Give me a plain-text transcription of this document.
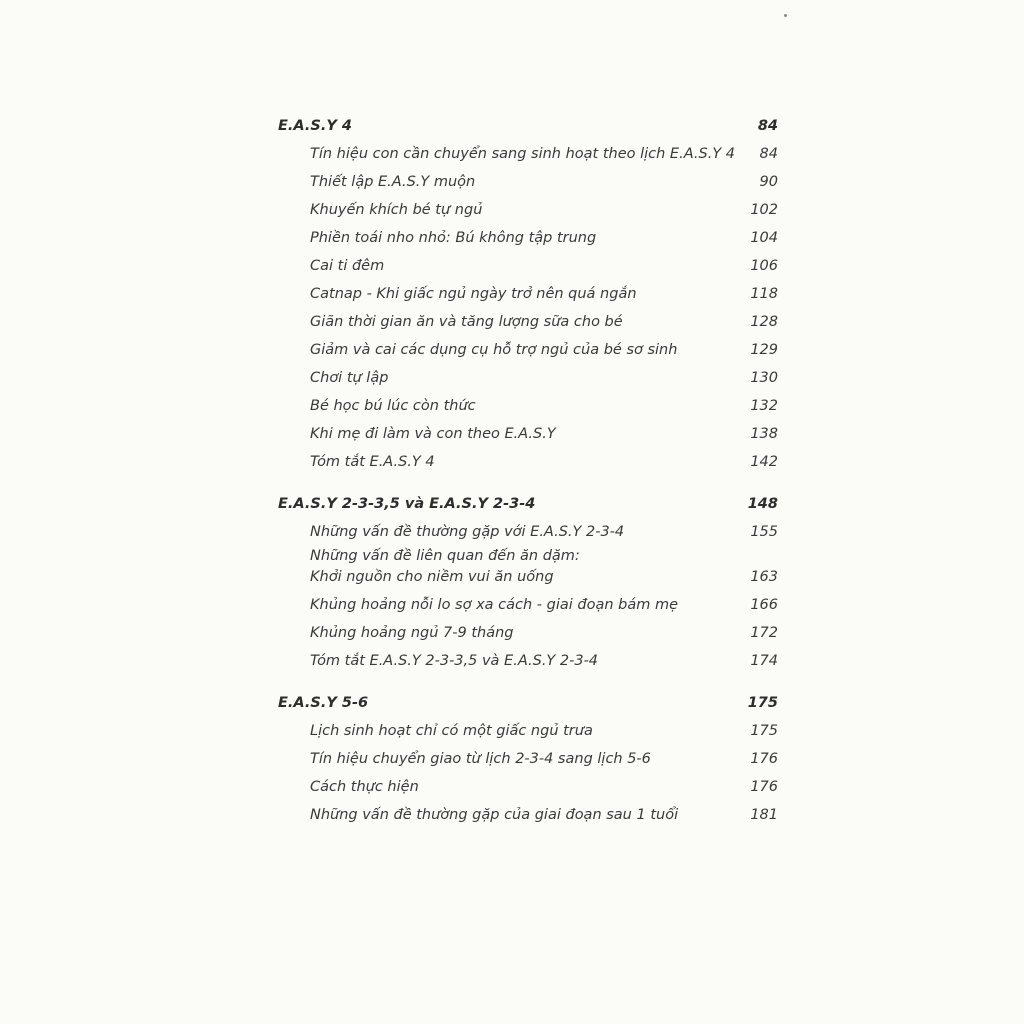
E.A.S.Y 4	84
Tín hiệu con cần chuyển sang sinh hoạt theo lịch E.A.S.Y 4	84
Thiết lập E.A.S.Y muộn	90
Khuyến khích bé tự ngủ	102
Phiền toái nho nhỏ: Bú không tập trung	104
Cai ti đêm	106
Catnap - Khi giấc ngủ ngày trở nên quá ngắn	118
Giãn thời gian ăn và tăng lượng sữa cho bé	128
Giảm và cai các dụng cụ hỗ trợ ngủ của bé sơ sinh	129
Chơi tự lập	130
Bé học bú lúc còn thức	132
Khi mẹ đi làm và con theo E.A.S.Y	138
Tóm tắt E.A.S.Y 4	142
E.A.S.Y 2-3-3,5 và E.A.S.Y 2-3-4	148
Những vấn đề thường gặp với E.A.S.Y 2-3-4	155
Những vấn đề liên quan đến ăn dặm:
Khởi nguồn cho niềm vui ăn uống	163
Khủng hoảng nỗi lo sợ xa cách - giai đoạn bám mẹ	166
Khủng hoảng ngủ 7-9 tháng	172
Tóm tắt E.A.S.Y 2-3-3,5 và E.A.S.Y 2-3-4	174
E.A.S.Y 5-6	175
Lịch sinh hoạt chỉ có một giấc ngủ trưa	175
Tín hiệu chuyển giao từ lịch 2-3-4 sang lịch 5-6	176
Cách thực hiện	176
Những vấn đề thường gặp của giai đoạn sau 1 tuổi	181
